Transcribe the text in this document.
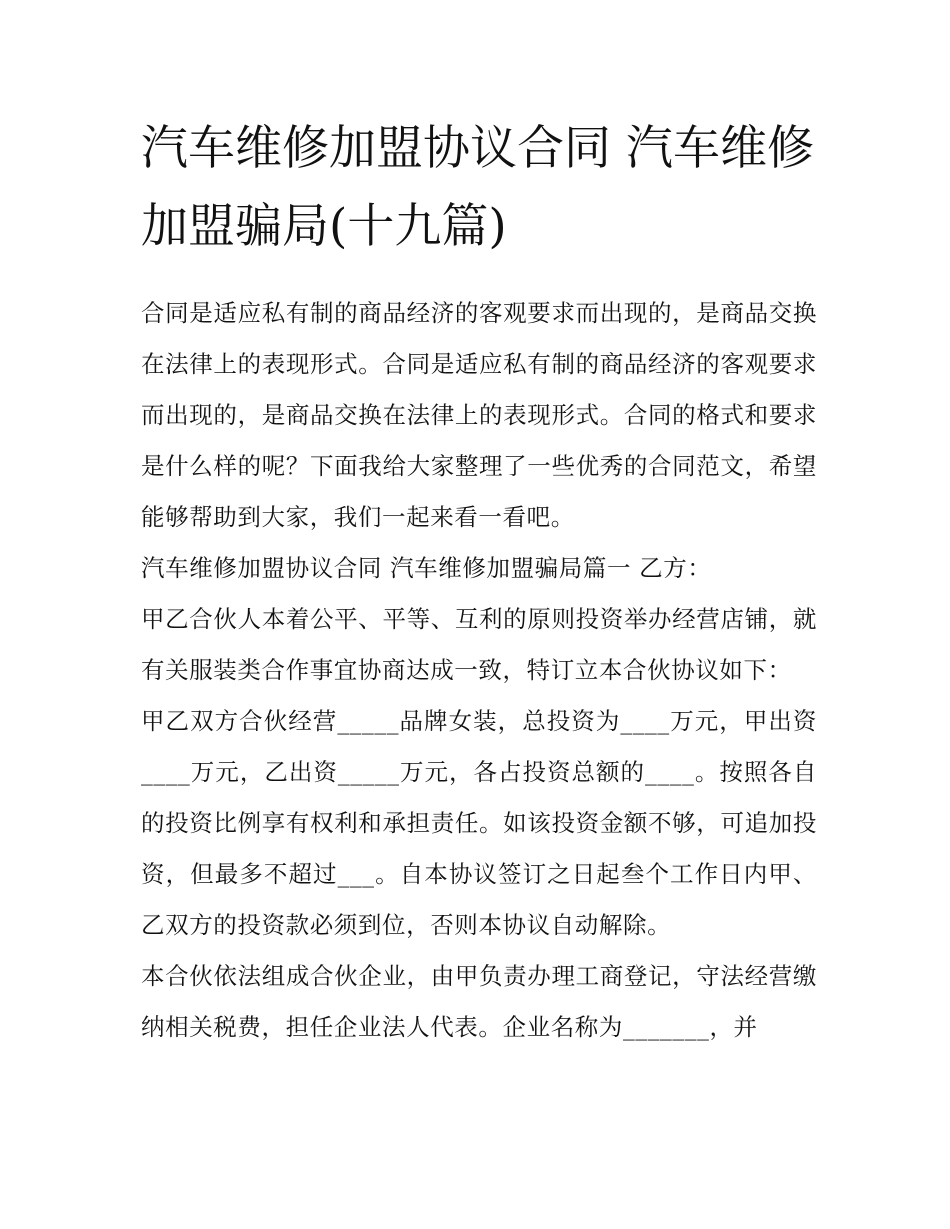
汽车维修加盟协议合同 汽车维修加盟骗局(十九篇)

合同是适应私有制的商品经济的客观要求而出现的，是商品交换在法律上的表现形式。合同是适应私有制的商品经济的客观要求而出现的，是商品交换在法律上的表现形式。合同的格式和要求是什么样的呢？下面我给大家整理了一些优秀的合同范文，希望能够帮助到大家，我们一起来看一看吧。

汽车维修加盟协议合同 汽车维修加盟骗局篇一 乙方：

甲乙合伙人本着公平、平等、互利的原则投资举办经营店铺，就有关服装类合作事宜协商达成一致，特订立本合伙协议如下：

甲乙双方合伙经营_____品牌女装，总投资为____万元，甲出资____万元，乙出资_____万元，各占投资总额的____。按照各自的投资比例享有权利和承担责任。如该投资金额不够，可追加投资，但最多不超过___。自本协议签订之日起叁个工作日内甲、乙双方的投资款必须到位，否则本协议自动解除。

本合伙依法组成合伙企业，由甲负责办理工商登记，守法经营缴纳相关税费，担任企业法人代表。企业名称为_______，并
